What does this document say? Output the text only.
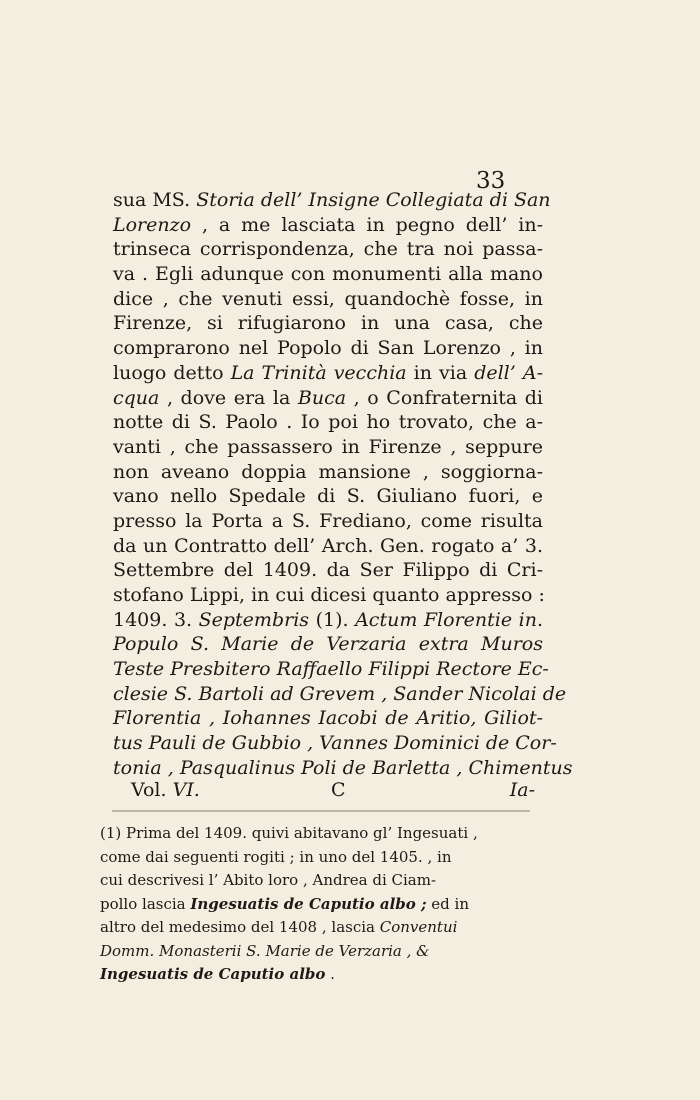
33
sua MS. Storia dell’ Insigne Collegiata di San
Lorenzo , a me lasciata in pegno dell’ in-
trinseca corrispondenza, che tra noi passa-
va . Egli adunque con monumenti alla mano
dice , che venuti essi, quandochè fosse, in
Firenze, si rifugiarono in una casa, che
comprarono nel Popolo di San Lorenzo , in
luogo detto La Trinità vecchia in via dell’ A-
cqua , dove era la Buca , o Confraternita di
notte di S. Paolo . Io poi ho trovato, che a-
vanti , che passassero in Firenze , seppure
non aveano doppia mansione , soggiorna-
vano nello Spedale di S. Giuliano fuori, e
presso la Porta a S. Frediano, come risulta
da un Contratto dell’ Arch. Gen. rogato a’ 3.
Settembre del 1409. da Ser Filippo di Cri-
stofano Lippi, in cui dicesi quanto appresso :
1409. 3. Septembris (1). Actum Florentie in.
Populo S. Marie de Verzaria extra Muros
Teste Presbitero Raffaello Filippi Rectore Ec-
clesie S. Bartoli ad Grevem , Sander Nicolai de
Florentia , Iohannes Iacobi de Aritio, Giliot-
tus Pauli de Gubbio , Vannes Dominici de Cor-
tonia , Pasqualinus Poli de Barletta , Chimentus
Vol. VI.	C	Ia-
(1) Prima del 1409. quivi abitavano gl’ Ingesuati ,
come dai seguenti rogiti ; in uno del 1405. , in
cui descrivesi l’ Abito loro , Andrea di Ciam-
pollo lascia Ingesuatis de Caputio albo ; ed in
altro del medesimo del 1408 , lascia Conventui
Domm. Monasterii S. Marie de Verzaria , &
Ingesuatis de Caputio albo .
